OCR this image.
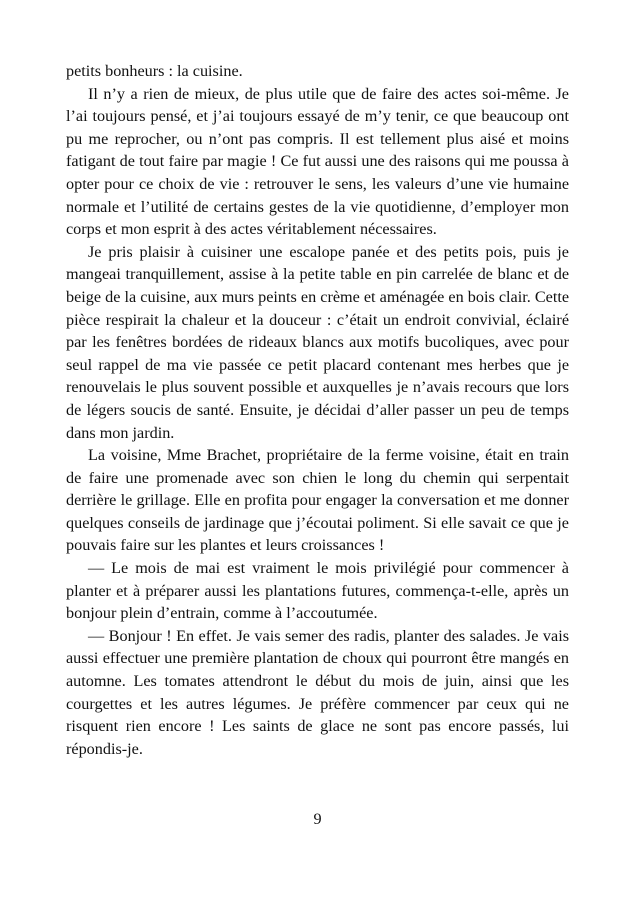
petits bonheurs : la cuisine.

Il n’y a rien de mieux, de plus utile que de faire des actes soi-même. Je l’ai toujours pensé, et j’ai toujours essayé de m’y tenir, ce que beaucoup ont pu me reprocher, ou n’ont pas compris. Il est tellement plus aisé et moins fatigant de tout faire par magie ! Ce fut aussi une des raisons qui me poussa à opter pour ce choix de vie : retrouver le sens, les valeurs d’une vie humaine normale et l’utilité de certains gestes de la vie quotidienne, d’employer mon corps et mon esprit à des actes véritablement nécessaires.

Je pris plaisir à cuisiner une escalope panée et des petits pois, puis je mangeai tranquillement, assise à la petite table en pin carrelée de blanc et de beige de la cuisine, aux murs peints en crème et aménagée en bois clair. Cette pièce respirait la chaleur et la douceur : c’était un endroit convivial, éclairé par les fenêtres bordées de rideaux blancs aux motifs bucoliques, avec pour seul rappel de ma vie passée ce petit placard contenant mes herbes que je renouvelais le plus souvent possible et auxquelles je n’avais recours que lors de légers soucis de santé. Ensuite, je décidai d’aller passer un peu de temps dans mon jardin.

La voisine, Mme Brachet, propriétaire de la ferme voisine, était en train de faire une promenade avec son chien le long du chemin qui serpentait derrière le grillage. Elle en profita pour engager la conversation et me donner quelques conseils de jardinage que j’écoutai poliment. Si elle savait ce que je pouvais faire sur les plantes et leurs croissances !

— Le mois de mai est vraiment le mois privilégié pour commencer à planter et à préparer aussi les plantations futures, commença-t-elle, après un bonjour plein d’entrain, comme à l’accoutumée.

— Bonjour ! En effet. Je vais semer des radis, planter des salades. Je vais aussi effectuer une première plantation de choux qui pourront être mangés en automne. Les tomates attendront le début du mois de juin, ainsi que les courgettes et les autres légumes. Je préfère commencer par ceux qui ne risquent rien encore ! Les saints de glace ne sont pas encore passés, lui répondis-je.

9
